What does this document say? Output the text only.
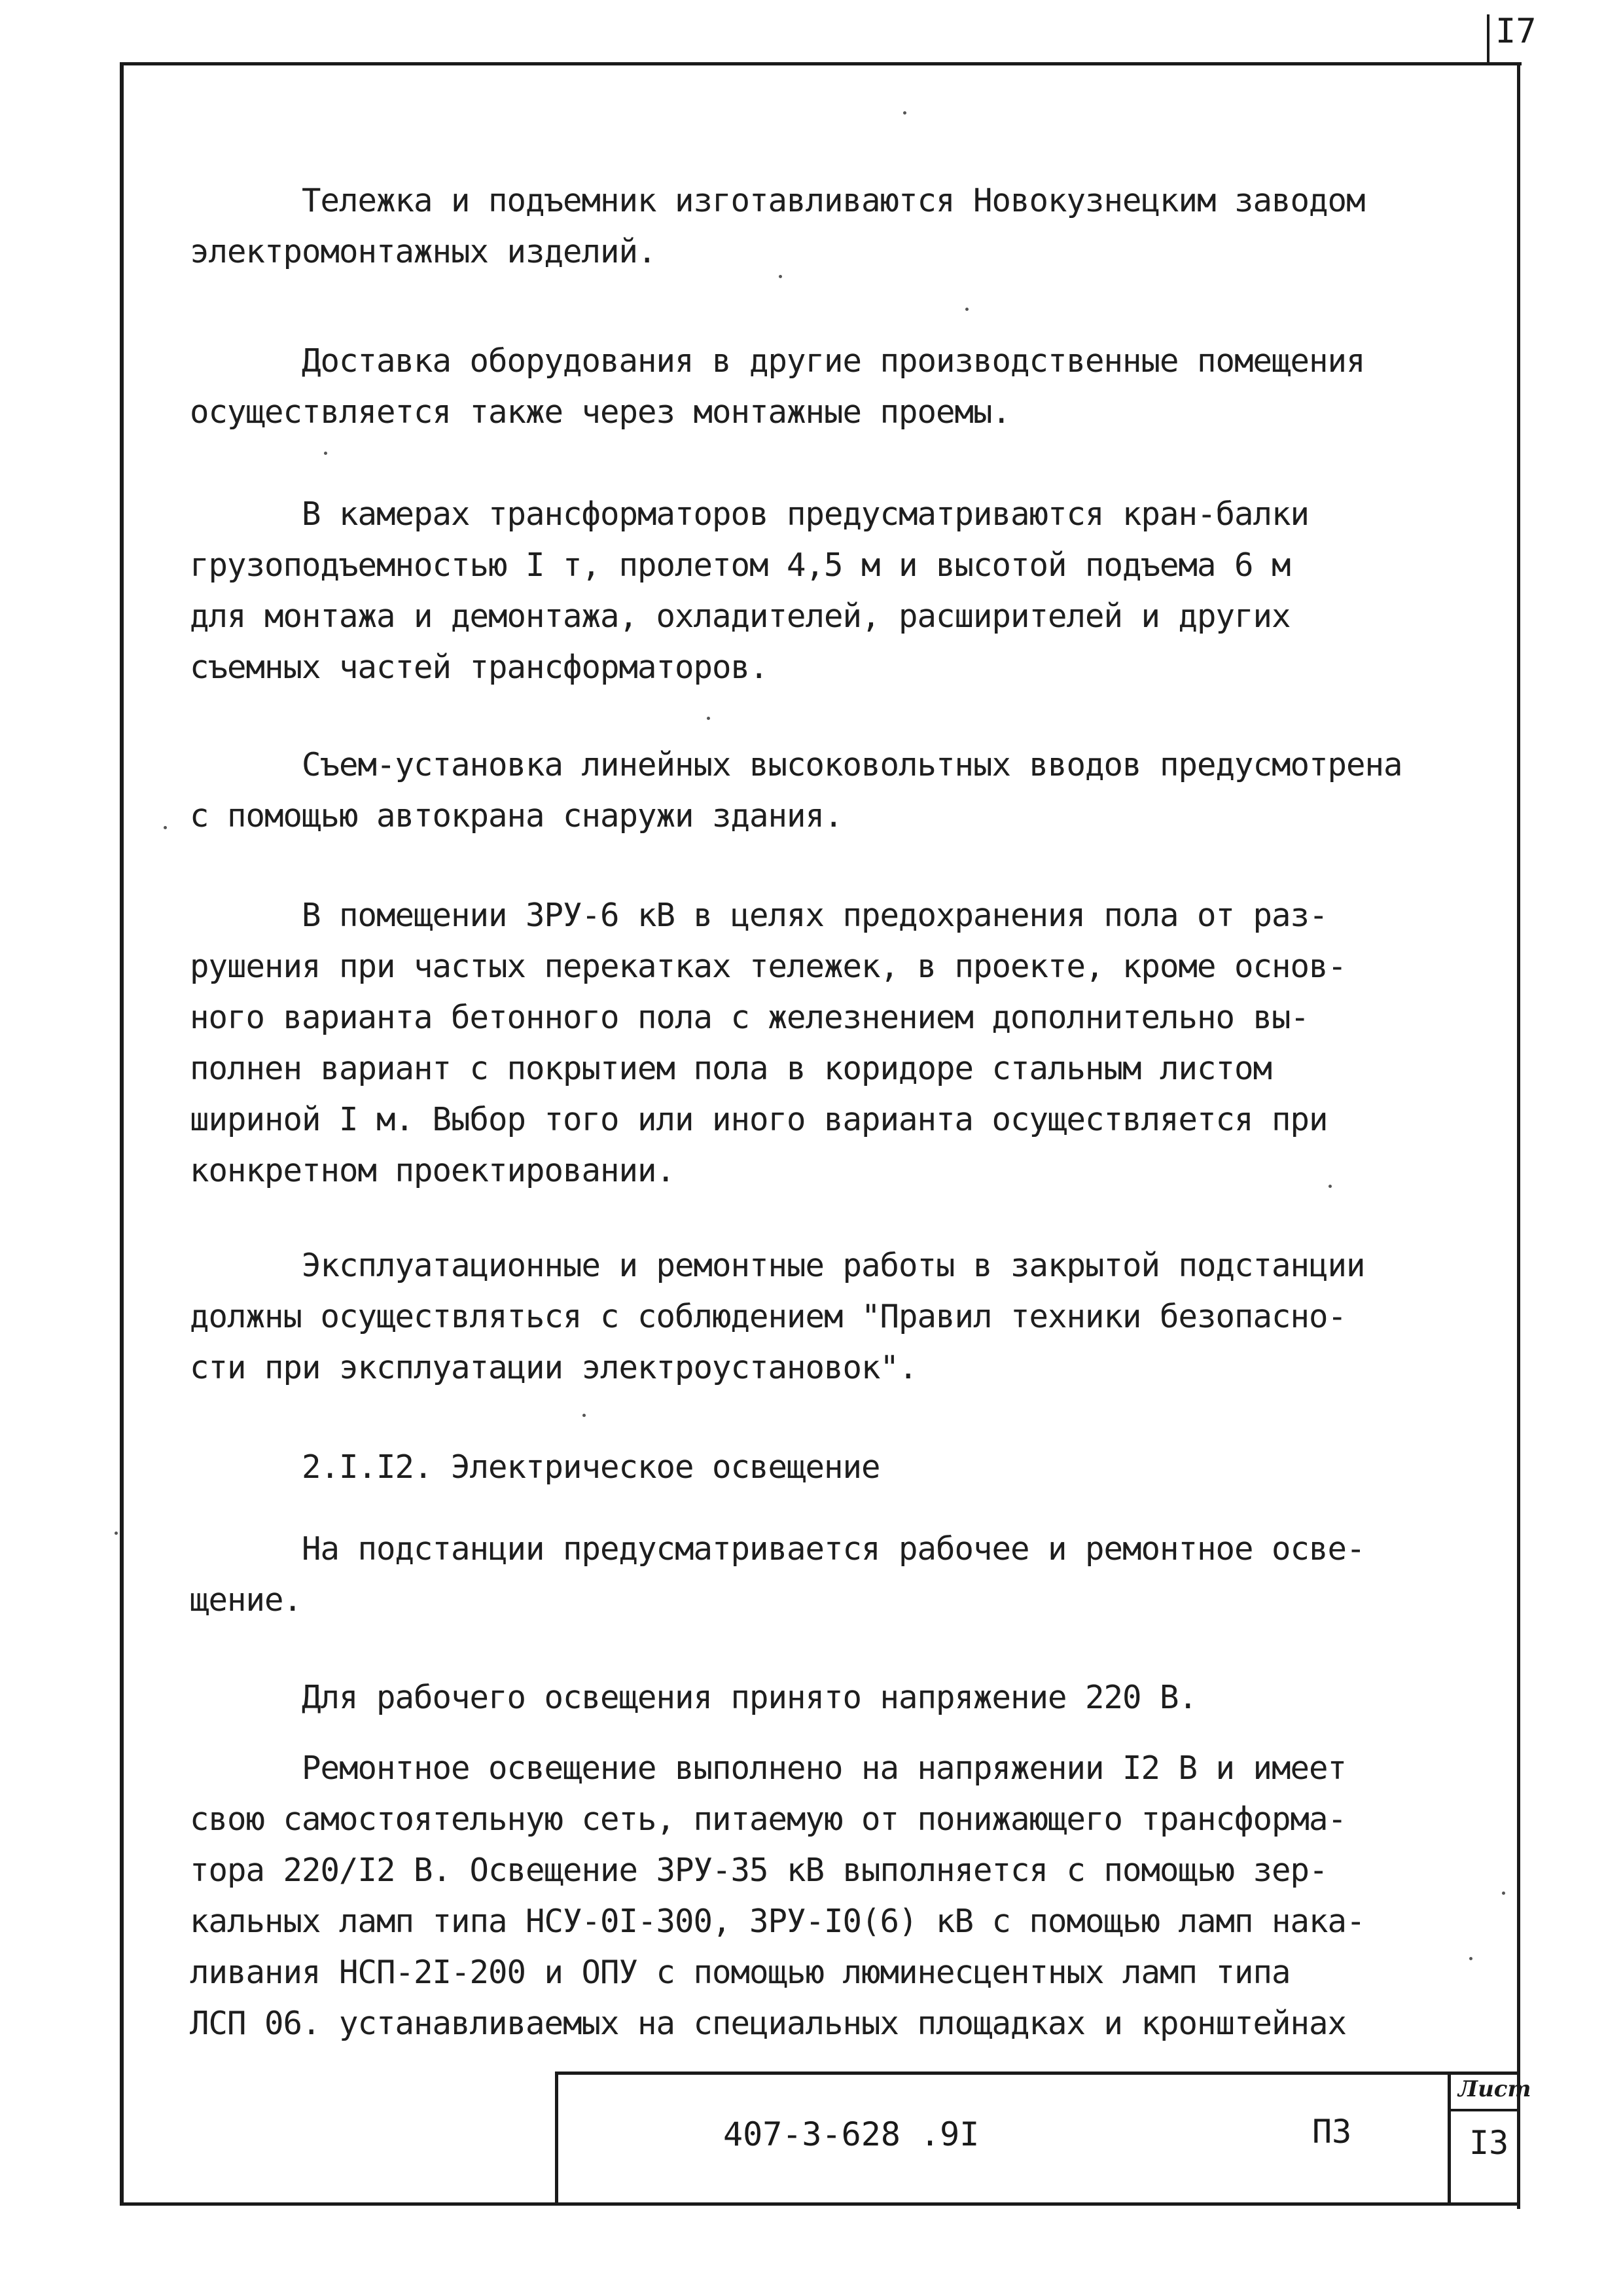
I7
Тележка и подъемник изготавливаются Новокузнецким заводом
электромонтажных изделий.
Доставка оборудования в другие производственные помещения
осуществляется также через монтажные проемы.
В камерах трансформаторов предусматриваются кран-балки
грузоподъемностью I т, пролетом 4,5 м и высотой подъема 6 м
для монтажа и демонтажа, охладителей, расширителей и других
съемных частей трансформаторов.
Съем-установка линейных высоковольтных вводов предусмотрена
с помощью автокрана снаружи здания.
В помещении ЗРУ-6 кВ в целях предохранения пола от раз-
рушения при частых перекатках тележек, в проекте, кроме основ-
ного варианта бетонного пола с железнением дополнительно вы-
полнен вариант с покрытием пола в коридоре стальным листом
шириной I м. Выбор того или иного варианта осуществляется при
конкретном проектировании.
Эксплуатационные и ремонтные работы в закрытой подстанции
должны осуществляться с соблюдением "Правил техники безопасно-
сти при эксплуатации электроустановок".
2.I.I2. Электрическое освещение
На подстанции предусматривается рабочее и ремонтное осве-
щение.
Для рабочего освещения принято напряжение 220 В.
Ремонтное освещение выполнено на напряжении I2 В и имеет
свою самостоятельную сеть, питаемую от понижающего трансформа-
тора 220/I2 В. Освещение ЗРУ-35 кВ выполняется с помощью зер-
кальных ламп типа НСУ-0I-300, ЗРУ-I0(6) кВ с помощью ламп нака-
ливания НСП-2I-200 и ОПУ с помощью люминесцентных ламп типа
ЛСП 06. устанавливаемых на специальных площадках и кронштейнах
407-3-628 .9I	ПЗ
Лист
I3
